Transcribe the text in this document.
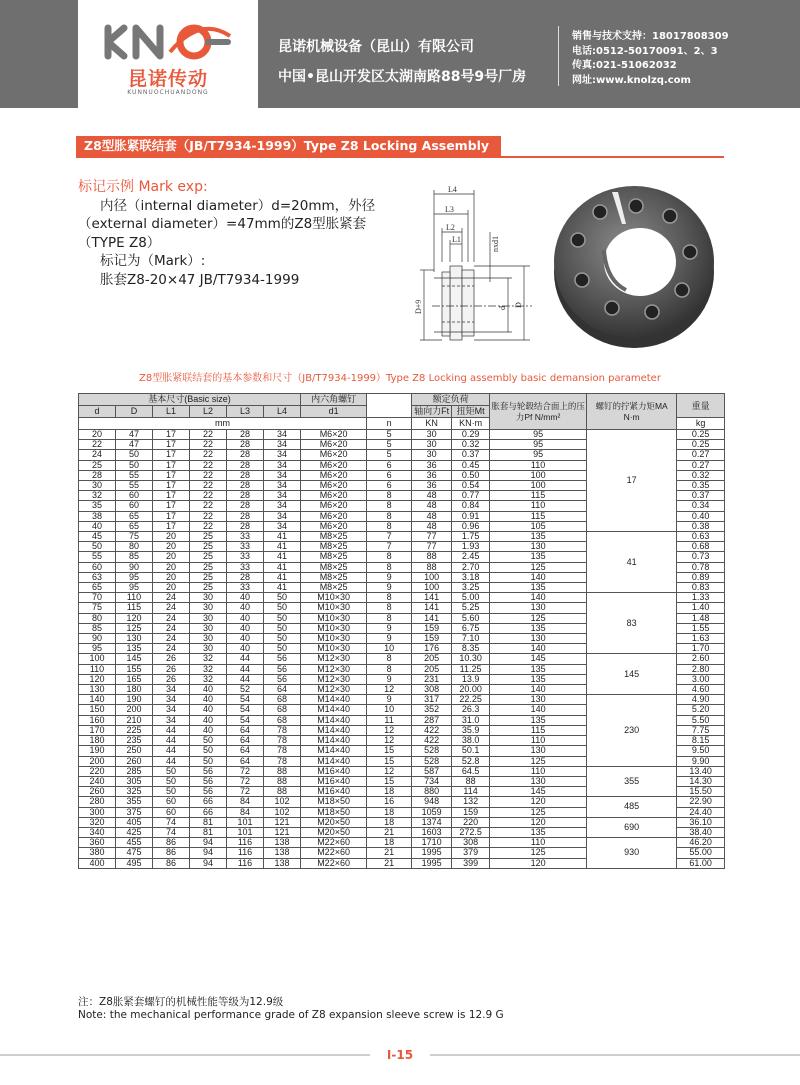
昆诺传动
KUNNUOCHUANDONG
昆诺机械设备（昆山）有限公司
中国•昆山开发区太湖南路88号9号厂房
销售与技术支持：18017808309
电话:0512-50170091、2、3
传真:021-51062032
网址:www.knolzq.com
Z8型胀紧联结套（JB/T7934-1999）Type Z8 Locking Assembly
标记示例 Mark exp:
内径（internal diameter）d=20mm，外径
（external diameter）=47mm的Z8型胀紧套
（TYPE Z8）
标记为（Mark）:
胀套Z8-20×47 JB/T7934-1999
L4
L3
L2
L1	nxd1
D+9	d D
Z8型胀紧联结套的基本参数和尺寸（JB/T7934-1999）Type Z8 Locking assembly basic demansion parameter
基本尺寸(Basic size)						内六角螺钉		额定负荷		胀套与轮毂结合面上的压力Pf N/mm²	螺钉的拧紧力矩MA N·m	重量
d	D	L1	L2	L3	L4	d1		轴向力Ft	扭矩Mt			
mm							n	KN	KN·m			kg
20	47	17	22	28	34	M6×20	5	30	0.29	95	17	0.25
22	47	17	22	28	34	M6×20	5	30	0.32	95		0.25
24	50	17	22	28	34	M6×20	5	30	0.37	95		0.27
25	50	17	22	28	34	M6×20	6	36	0.45	110		0.27
28	55	17	22	28	34	M6×20	6	36	0.50	100		0.32
30	55	17	22	28	34	M6×20	6	36	0.54	100		0.35
32	60	17	22	28	34	M6×20	8	48	0.77	115		0.37
35	60	17	22	28	34	M6×20	8	48	0.84	110		0.34
38	65	17	22	28	34	M6×20	8	48	0.91	115		0.40
40	65	17	22	28	34	M6×20	8	48	0.96	105		0.38
45	75	20	25	33	41	M8×25	7	77	1.75	135	41	0.63
50	80	20	25	33	41	M8×25	7	77	1.93	130		0.68
55	85	20	25	33	41	M8×25	8	88	2.45	135		0.73
60	90	20	25	33	41	M8×25	8	88	2.70	125		0.78
63	95	20	25	28	41	M8×25	9	100	3.18	140		0.89
65	95	20	25	33	41	M8×25	9	100	3.25	135		0.83
70	110	24	30	40	50	M10×30	8	141	5.00	140	83	1.33
75	115	24	30	40	50	M10×30	8	141	5.25	130		1.40
80	120	24	30	40	50	M10×30	8	141	5.60	125		1.48
85	125	24	30	40	50	M10×30	9	159	6.75	135		1.55
90	130	24	30	40	50	M10×30	9	159	7.10	130		1.63
95	135	24	30	40	50	M10×30	10	176	8.35	140		1.70
100	145	26	32	44	56	M12×30	8	205	10.30	145	145	2.60
110	155	26	32	44	56	M12×30	8	205	11.25	135		2.80
120	165	26	32	44	56	M12×30	9	231	13.9	135		3.00
130	180	34	40	52	64	M12×30	12	308	20.00	140		4.60
140	190	34	40	54	68	M14×40	9	317	22.25	130	230	4.90
150	200	34	40	54	68	M14×40	10	352	26.3	140		5.20
160	210	34	40	54	68	M14×40	11	287	31.0	135		5.50
170	225	44	40	64	78	M14×40	12	422	35.9	115		7.75
180	235	44	50	64	78	M14×40	12	422	38.0	110		8.15
190	250	44	50	64	78	M14×40	15	528	50.1	130		9.50
200	260	44	50	64	78	M14×40	15	528	52.8	125		9.90
220	285	50	56	72	88	M16×40	12	587	64.5	110	355	13.40
240	305	50	56	72	88	M16×40	15	734	88	130		14.30
260	325	50	56	72	88	M16×40	18	880	114	145		15.50
280	355	60	66	84	102	M18×50	16	948	132	120	485	22.90
300	375	60	66	84	102	M18×50	18	1059	159	125		24.40
320	405	74	81	101	121	M20×50	18	1374	220	120	690	36.10
340	425	74	81	101	121	M20×50	21	1603	272.5	135		38.40
360	455	86	94	116	138	M22×60	18	1710	308	110	930	46.20
380	475	86	94	116	138	M22×60	21	1995	379	125		55.00
400	495	86	94	116	138	M22×60	21	1995	399	120		61.00
注：Z8胀紧套螺钉的机械性能等级为12.9级
Note: the mechanical performance grade of Z8 expansion sleeve screw is 12.9 G
I-15
